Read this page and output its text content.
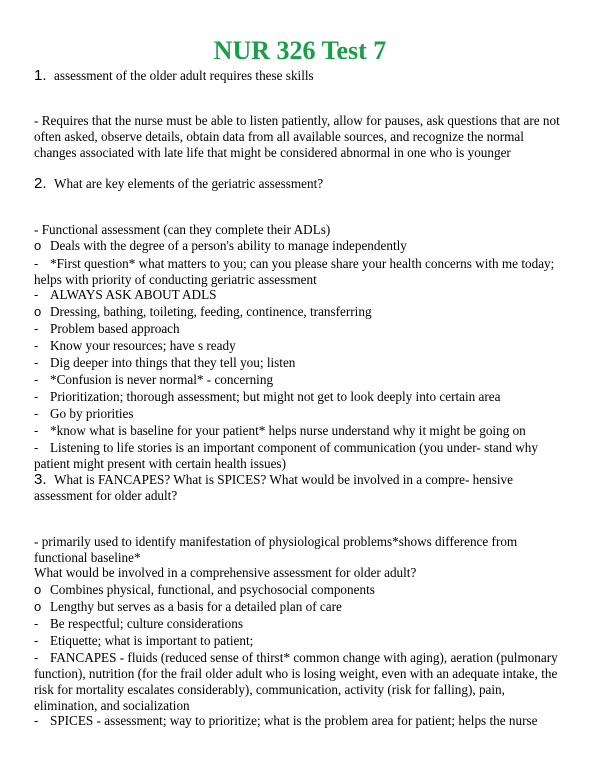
NUR 326 Test 7
1. assessment of the older adult requires these skills
- Requires that the nurse must be able to listen patiently, allow for pauses, ask questions that are not often asked, observe details, obtain data from all available sources, and recognize the normal changes associated with late life that might be considered abnormal in one who is younger
2. What are key elements of the geriatric assessment?
- Functional assessment (can they complete their ADLs)
o Deals with the degree of a person's ability to manage independently
- *First question* what matters to you; can you please share your health concerns with me today; helps with priority of conducting geriatric assessment
- ALWAYS ASK ABOUT ADLS
o Dressing, bathing, toileting, feeding, continence, transferring
- Problem based approach
- Know your resources; have s ready
- Dig deeper into things that they tell you; listen
- *Confusion is never normal* - concerning
- Prioritization; thorough assessment; but might not get to look deeply into certain area
- Go by priorities
- *know what is baseline for your patient* helps nurse understand why it might be going on
- Listening to life stories is an important component of communication (you under- stand why patient might present with certain health issues)
3. What is FANCAPES? What is SPICES? What would be involved in a compre- hensive assessment for older adult?
- primarily used to identify manifestation of physiological problems*shows difference from functional baseline*
What would be involved in a comprehensive assessment for older adult?
o Combines physical, functional, and psychosocial components
o Lengthy but serves as a basis for a detailed plan of care
- Be respectful; culture considerations
- Etiquette; what is important to patient;
- FANCAPES - fluids (reduced sense of thirst* common change with aging), aeration (pulmonary function), nutrition (for the frail older adult who is losing weight, even with an adequate intake, the risk for mortality escalates considerably), communication, activity (risk for falling), pain, elimination, and socialization
- SPICES - assessment; way to prioritize; what is the problem area for patient; helps the nurse
